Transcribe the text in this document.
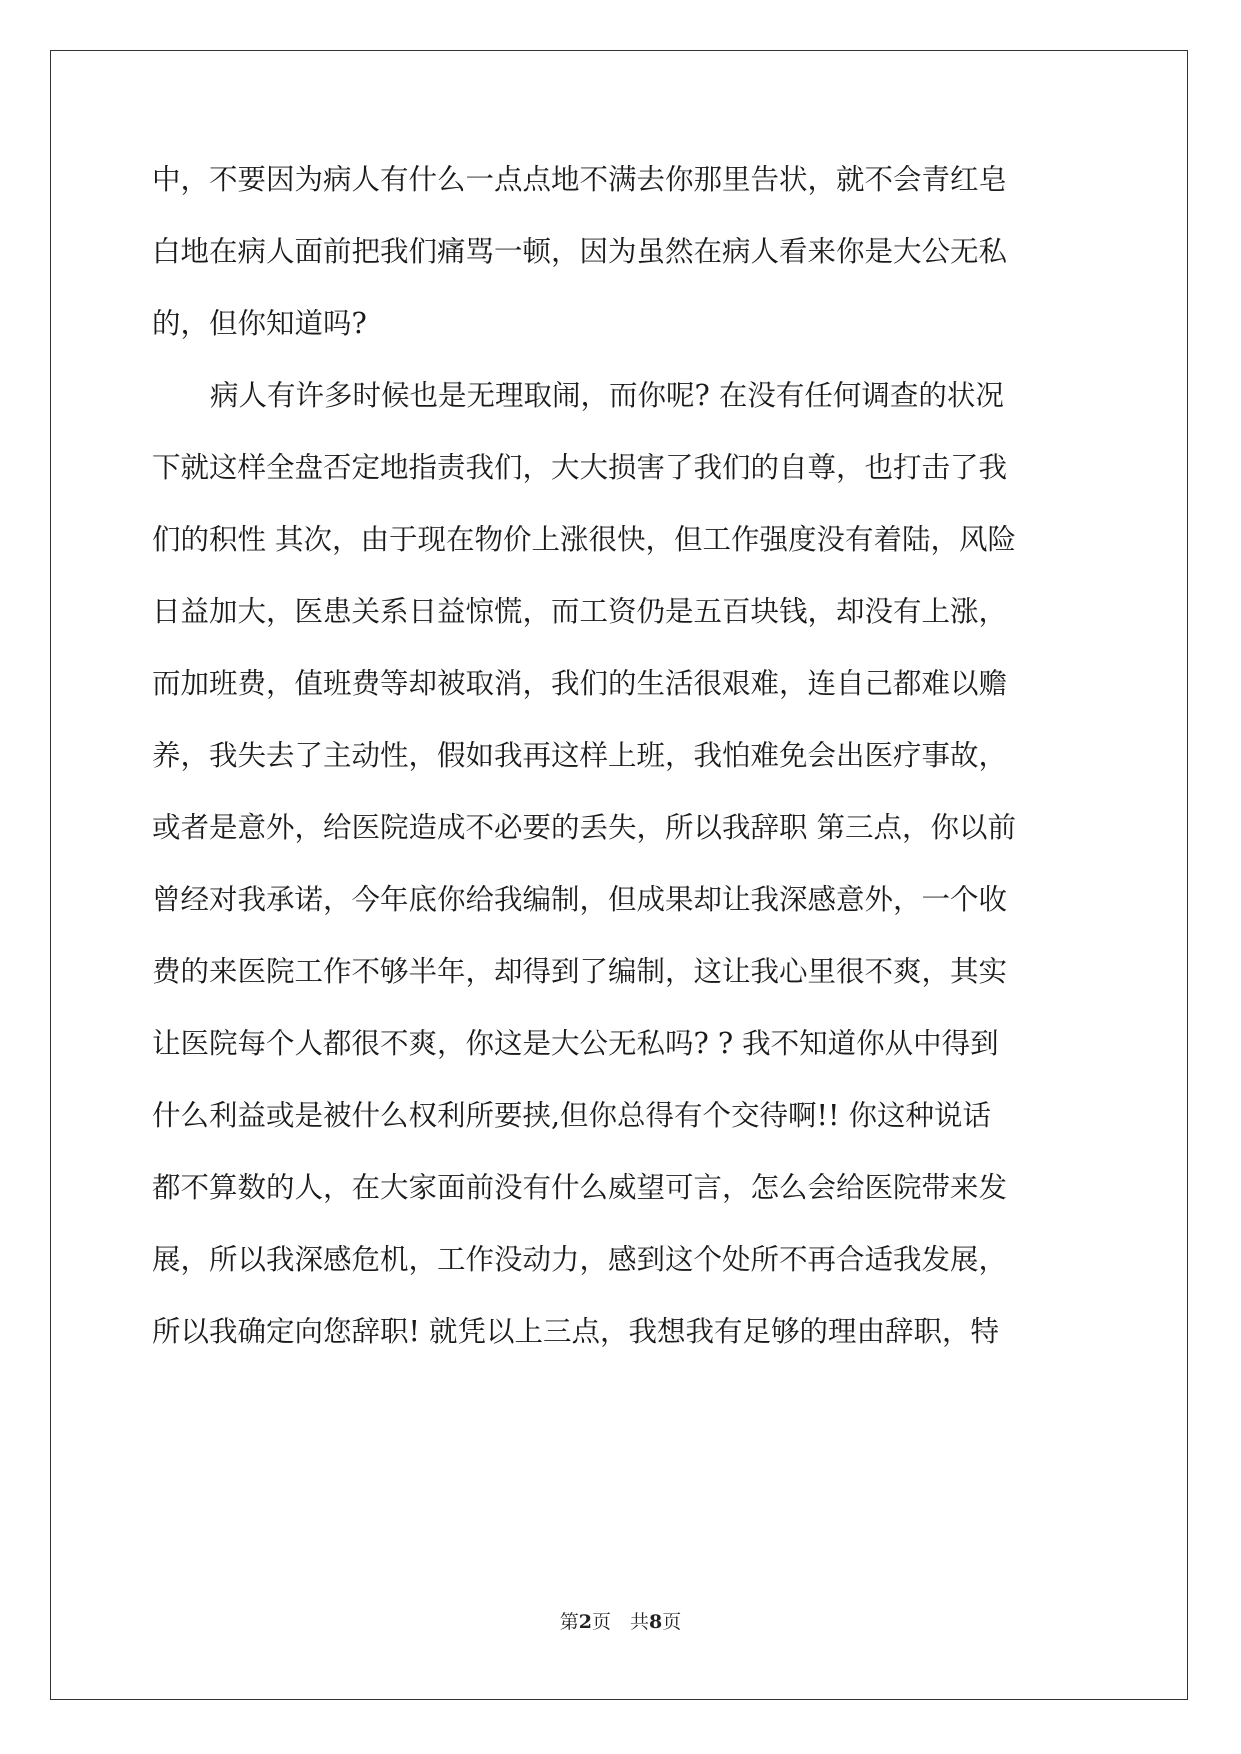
中，不要因为病人有什么一点点地不满去你那里告状，就不会青红皂
白地在病人面前把我们痛骂一顿，因为虽然在病人看来你是大公无私
的，但你知道吗?
病人有许多时候也是无理取闹，而你呢? 在没有任何调查的状况
下就这样全盘否定地指责我们，大大损害了我们的自尊，也打击了我
们的积性 其次，由于现在物价上涨很快，但工作强度没有着陆，风险
日益加大，医患关系日益惊慌，而工资仍是五百块钱，却没有上涨，
而加班费，值班费等却被取消，我们的生活很艰难，连自己都难以赡
养，我失去了主动性，假如我再这样上班，我怕难免会出医疗事故，
或者是意外，给医院造成不必要的丢失，所以我辞职 第三点，你以前
曾经对我承诺，今年底你给我编制，但成果却让我深感意外，一个收
费的来医院工作不够半年，却得到了编制，这让我心里很不爽，其实
让医院每个人都很不爽，你这是大公无私吗? ? 我不知道你从中得到
什么利益或是被什么权利所要挟,但你总得有个交待啊!! 你这种说话
都不算数的人，在大家面前没有什么威望可言，怎么会给医院带来发
展，所以我深感危机，工作没动力，感到这个处所不再合适我发展，
所以我确定向您辞职! 就凭以上三点，我想我有足够的理由辞职，特
第2页　共8页
